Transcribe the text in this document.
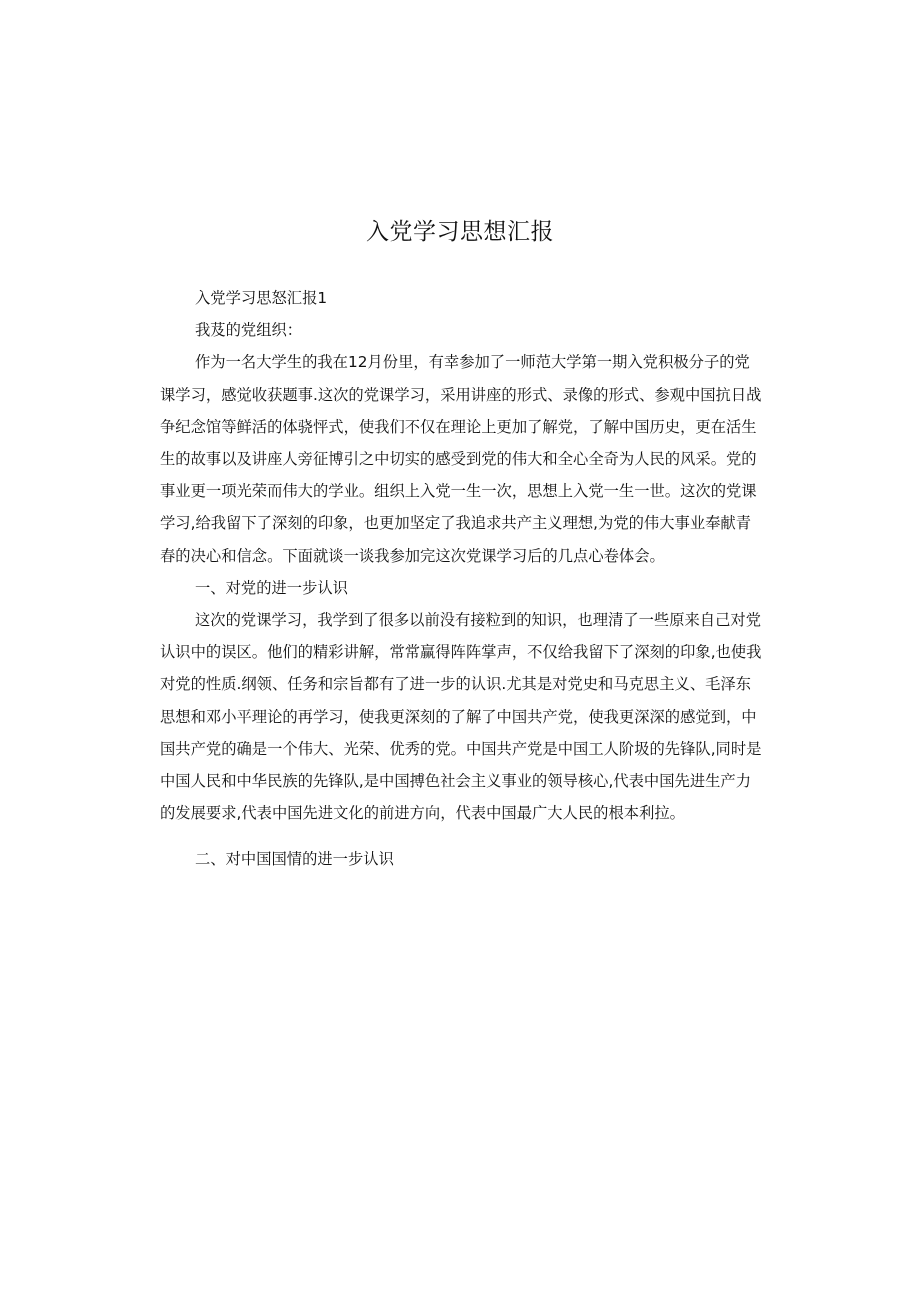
入党学习思想汇报

入党学习思怒汇报1

我芨的党组织：

作为一名大学生的我在12月份里，有幸参加了一师范大学第一期入党积极分子的党课学习，感觉收获题事.这次的党课学习，采用讲座的形式、录像的形式、参观中国抗日战争纪念馆等鲜活的体骁怦式，使我们不仅在理论上更加了解党，了解中国历史，更在活生生的故事以及讲座人旁征博引之中切实的感受到党的伟大和全心全奇为人民的风采。党的事业更一项光荣而伟大的学业。组织上入党一生一次，思想上入党一生一世。这次的党课学习,给我留下了深刻的印象，也更加坚定了我追求共产主义理想,为党的伟大事业奉献青春的决心和信念。下面就谈一谈我参加完这次党课学习后的几点心卷体会。

一、对党的进一步认识

这次的党课学习，我学到了很多以前没有接粒到的知识，也理清了一些原来自己对党认识中的误区。他们的精彩讲解，常常赢得阵阵掌声，不仅给我留下了深刻的印象,也使我对党的性质.纲领、任务和宗旨都有了进一步的认识.尤其是对党史和马克思主义、毛泽东思想和邓小平理论的再学习，使我更深刻的了解了中国共产党，使我更深深的感觉到，中国共产党的确是一个伟大、光荣、优秀的党。中国共产党是中国工人阶圾的先锋队,同时是中国人民和中华民族的先锋队,是中国搏色社会主义事业的领导核心,代表中国先进生产力的发展要求,代表中国先进文化的前进方向，代表中国最广大人民的根本利拉。

二、对中国国情的进一步认识
